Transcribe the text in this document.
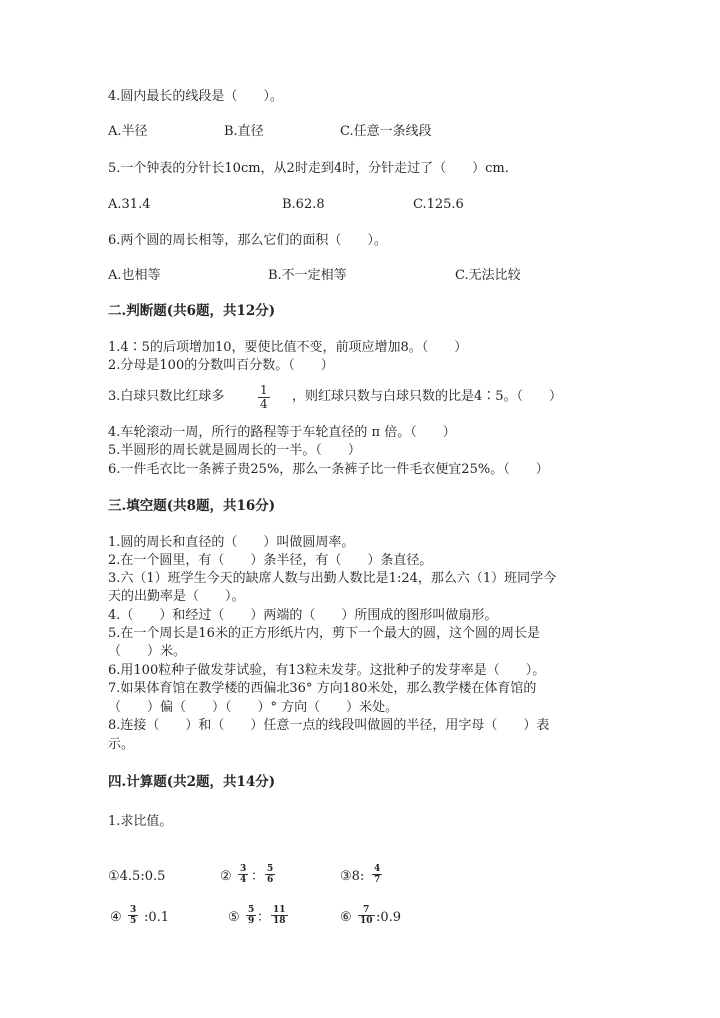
4.圆内最长的线段是（　　）。
A.半径	B.直径	C.任意一条线段
5.一个钟表的分针长10cm，从2时走到4时，分针走过了（　　）cm.
A.31.4	B.62.8	C.125.6
6.两个圆的周长相等，那么它们的面积（　　）。
A.也相等	B.不一定相等	C.无法比较
二.判断题(共6题，共12分)
1.4∶5的后项增加10，要使比值不变，前项应增加8。（　　）
2.分母是100的分数叫百分数。（　　）
3.白球只数比红球多	$\frac{1}{4}$ ，则红球只数与白球只数的比是4∶5。（　　）
4.车轮滚动一周，所行的路程等于车轮直径的 π 倍。（　　）
5.半圆形的周长就是圆周长的一半。（　　）
6.一件毛衣比一条裤子贵25%，那么一条裤子比一件毛衣便宜25%。（　　）
三.填空题(共8题，共16分)
1.圆的周长和直径的（　　）叫做圆周率。
2.在一个圆里，有（　　）条半径，有（　　）条直径。
3.六（1）班学生今天的缺席人数与出勤人数比是1:24，那么六（1）班同学今
天的出勤率是（　　）。
4.（　　）和经过（　　）两端的（　　）所围成的图形叫做扇形。
5.在一个周长是16米的正方形纸片内，剪下一个最大的圆，这个圆的周长是
（　　）米。
6.用100粒种子做发芽试验，有13粒未发芽。这批种子的发芽率是（　　）。
7.如果体育馆在教学楼的西偏北36° 方向180米处，那么教学楼在体育馆的
（　　）偏（　　）（　　）° 方向（　　）米处。
8.连接（　　）和（　　）任意一点的线段叫做圆的半径，用字母（　　）表
示。
四.计算题(共2题，共14分)
1.求比值。
①4.5:0.5	② $\frac{3}{4}$ ： $\frac{5}{6}$	③8: $\frac{4}{7}$
④ $\frac{3}{5}$ :0.1	⑤ $\frac{5}{9}$ ： $\frac{11}{18}$	⑥ $\frac{7}{10}$ :0.9
